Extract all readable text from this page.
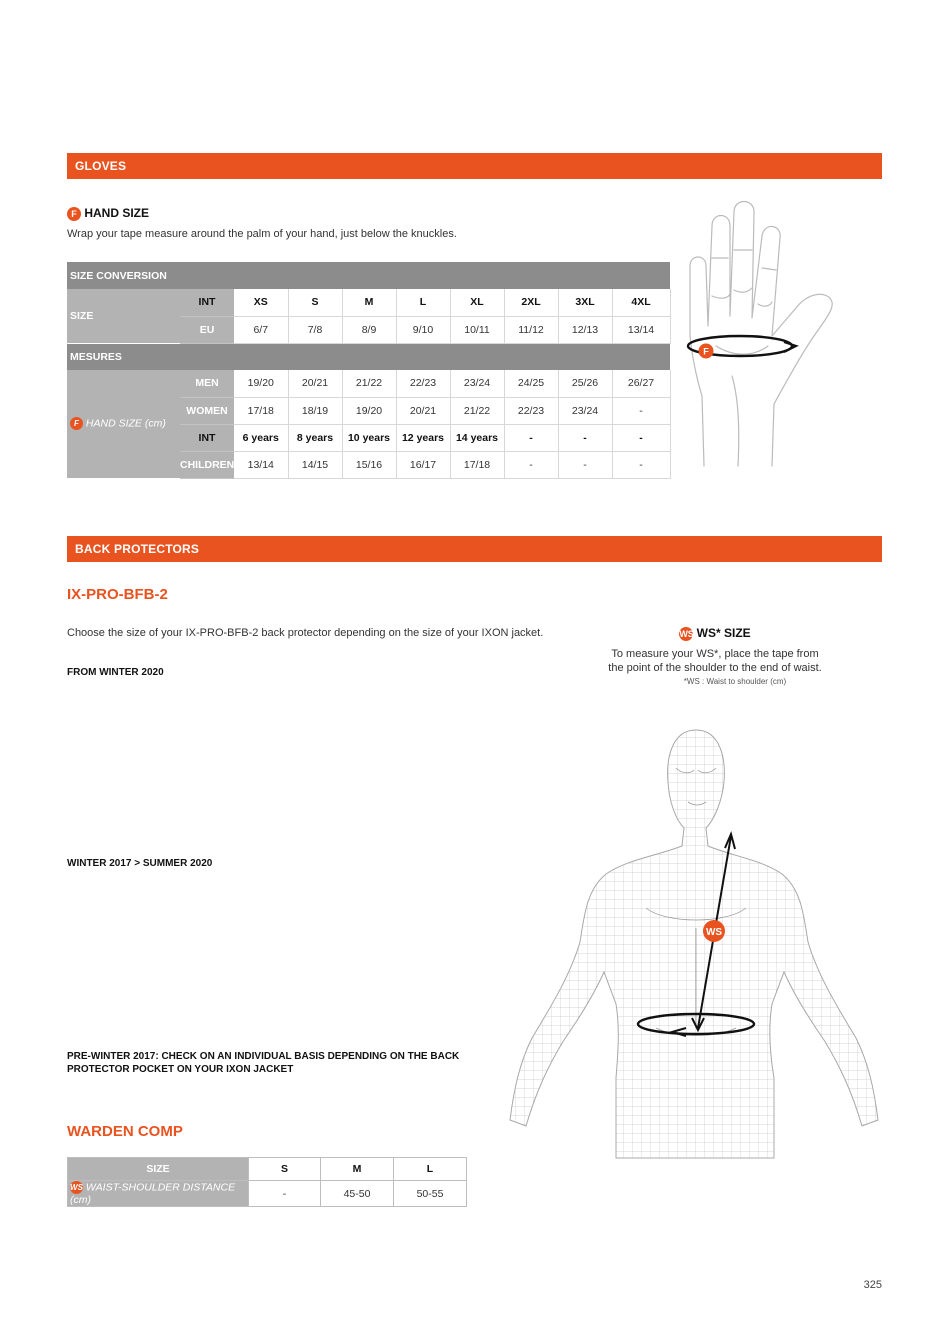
GLOVES
F HAND SIZE
Wrap your tape measure around the palm of your hand, just below the knuckles.
SIZE CONVERSION									
SIZE	INT	XS	S	M	L	XL	2XL	3XL	4XL
	EU	6/7	7/8	8/9	9/10	10/11	11/12	12/13	13/14
MESURES									
F HAND SIZE (cm)	MEN	19/20	20/21	21/22	22/23	23/24	24/25	25/26	26/27
	WOMEN	17/18	18/19	19/20	20/21	21/22	22/23	23/24	-
	INT	6 years	8 years	10 years	12 years	14 years	-	-	-
	CHILDREN	13/14	14/15	15/16	16/17	17/18	-	-	-
F
BACK PROTECTORS
IX-PRO-BFB-2
Choose the size of your IX-PRO-BFB-2 back protector depending on the size of your IXON jacket.
FROM WINTER 2020
WINTER 2017 > SUMMER 2020
PRE-WINTER 2017: CHECK ON AN INDIVIDUAL BASIS DEPENDING ON THE BACK PROTECTOR POCKET ON YOUR IXON JACKET
WS WS* SIZE
To measure your WS*, place the tape from
the point of the shoulder to the end of waist.
*WS : Waist to shoulder (cm)
WS
WARDEN COMP
SIZE	S	M	L
WS WAIST-SHOULDER DISTANCE (cm)	-	45-50	50-55
325
